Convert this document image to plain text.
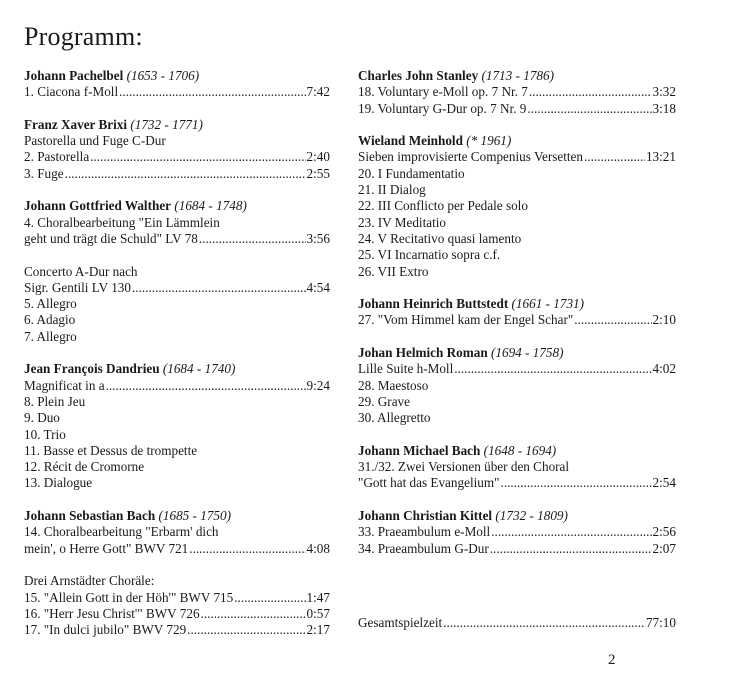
Programm:
Johann Pachelbel (1653 - 1706)
1. Ciacona f-Moll .....	7:42
Franz Xaver Brixi (1732 - 1771)
Pastorella und Fuge C-Dur
2. Pastorella .....	2:40
3. Fuge .....	2:55
Johann Gottfried Walther (1684 - 1748)
4. Choralbearbeitung "Ein Lämmlein
geht und trägt die Schuld" LV 78 .....	3:56
Concerto A-Dur nach
Sigr. Gentili LV 130 .....	4:54
5. Allegro
6. Adagio
7. Allegro
Jean François Dandrieu (1684 - 1740)
Magnificat in a .....	9:24
8. Plein Jeu
9. Duo
10. Trio
11. Basse et Dessus de trompette
12. Récit de Cromorne
13. Dialogue
Johann Sebastian Bach (1685 - 1750)
14. Choralbearbeitung "Erbarm' dich
mein', o Herre Gott" BWV 721 .....	4:08
Drei Arnstädter Choräle:
15. "Allein Gott in der Höh'" BWV 715 .....	1:47
16. "Herr Jesu Christ'" BWV 726 .....	0:57
17. "In dulci jubilo" BWV 729 .....	2:17
Charles John Stanley (1713 - 1786)
18. Voluntary e-Moll op. 7 Nr. 7 .....	3:32
19. Voluntary G-Dur op. 7 Nr. 9 .....	3:18
Wieland Meinhold (* 1961)
Sieben improvisierte Compenius Versetten .....	13:21
20. I Fundamentatio
21. II Dialog
22. III Conflicto per Pedale solo
23. IV Meditatio
24. V Recitativo quasi lamento
25. VI Incarnatio sopra c.f.
26. VII Extro
Johann Heinrich Buttstedt (1661 - 1731)
27. "Vom Himmel kam der Engel Schar" .....	2:10
Johan Helmich Roman (1694 - 1758)
Lille Suite h-Moll .....	4:02
28. Maestoso
29. Grave
30. Allegretto
Johann Michael Bach (1648 - 1694)
31./32. Zwei Versionen über den Choral
"Gott hat das Evangelium" .....	2:54
Johann Christian Kittel (1732 - 1809)
33. Praeambulum e-Moll .....	2:56
34. Praeambulum G-Dur .....	2:07
Gesamtspielzeit .....	77:10
2
